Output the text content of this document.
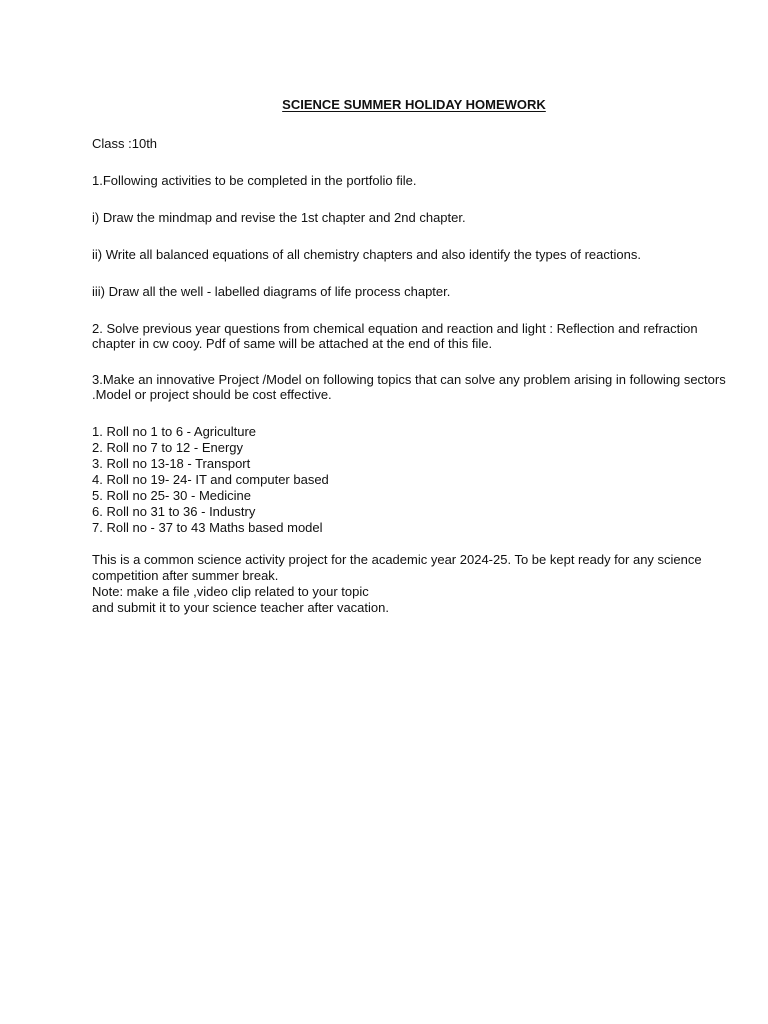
SCIENCE SUMMER HOLIDAY HOMEWORK
Class :10th
1.Following activities to be completed in the portfolio file.
i) Draw the mindmap and revise the 1st chapter and 2nd chapter.
ii) Write all balanced equations of all chemistry chapters and also identify the types of reactions.
iii) Draw all the well - labelled diagrams of life process chapter.
2. Solve previous year questions from chemical equation and reaction and light : Reflection and refraction
chapter in cw cooy. Pdf of same will be attached at the end of this file.
3.Make an innovative Project /Model on following topics that can solve any problem arising in following sectors
.Model or project should be cost effective.
1. Roll no 1 to 6 - Agriculture
2. Roll no 7 to 12 - Energy
3. Roll no 13-18 - Transport
4. Roll no 19- 24- IT and computer based
5. Roll no 25- 30 - Medicine
6. Roll no 31 to 36 - Industry
7. Roll no - 37 to 43 Maths based model
This is a common science activity project for the academic year 2024-25. To be kept ready for any science
competition after summer break.
Note: make a file ,video clip related to your topic
and submit it to your science teacher after vacation.
